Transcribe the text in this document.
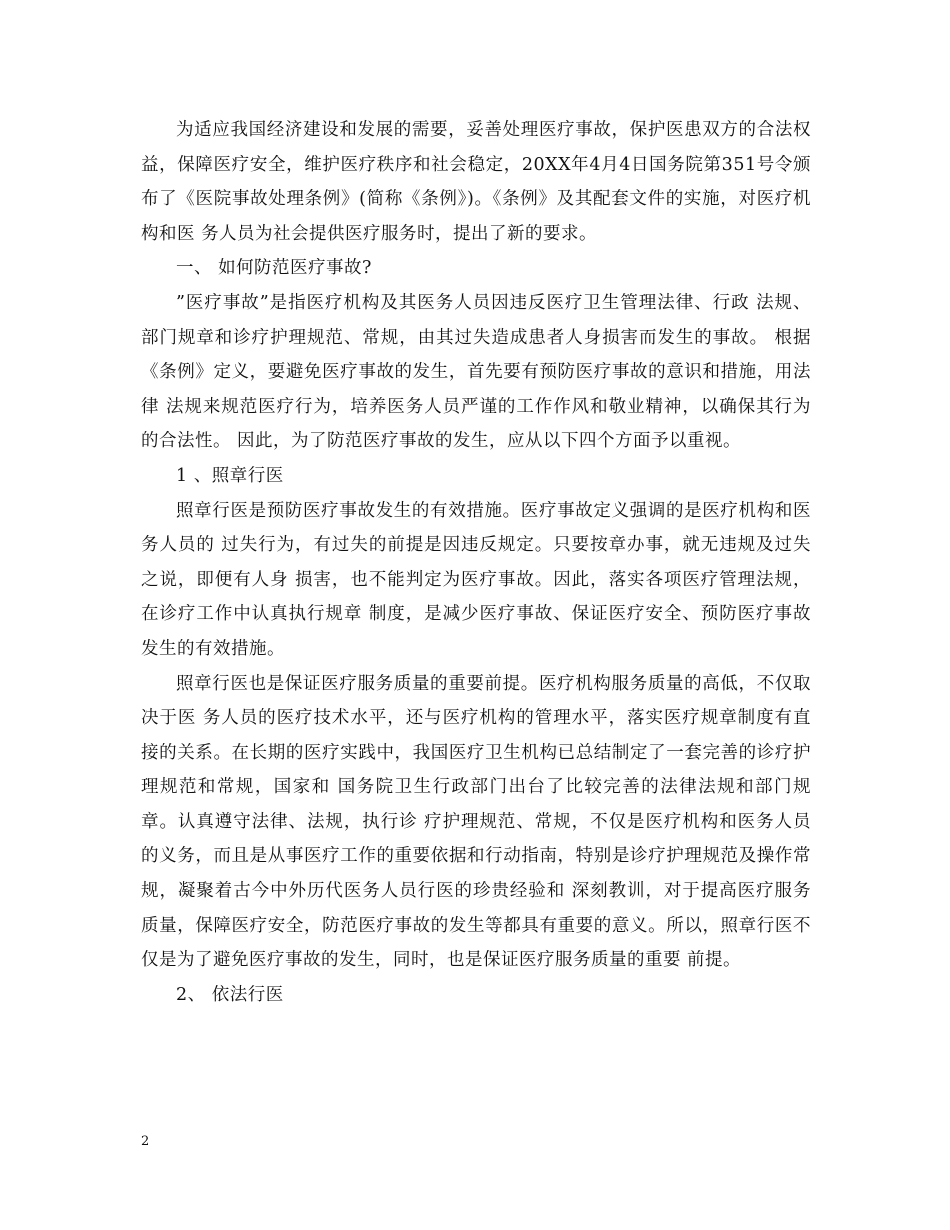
为适应我国经济建设和发展的需要，妥善处理医疗事故，保护医患双方的合法权益，保障医疗安全，维护医疗秩序和社会稳定，20XX年4月4日国务院第351号令颁布了《医院事故处理条例》(简称《条例》)。《条例》及其配套文件的实施，对医疗机 构和医 务人员为社会提供医疗服务时，提出了新的要求。

一、 如何防范医疗事故?

”医疗事故”是指医疗机构及其医务人员因违反医疗卫生管理法律、行政 法规、部门规章和诊疗护理规范、常规，由其过失造成患者人身损害而发生的事故。 根据《条例》定义，要避免医疗事故的发生，首先要有预防医疗事故的意识和措施，用法律 法规来规范医疗行为，培养医务人员严谨的工作作风和敬业精神，以确保其行为的合法性。 因此，为了防范医疗事故的发生，应从以下四个方面予以重视。

1 、照章行医

照章行医是预防医疗事故发生的有效措施。医疗事故定义强调的是医疗机构和医务人员的 过失行为，有过失的前提是因违反规定。只要按章办事，就无违规及过失之说，即便有人身 损害，也不能判定为医疗事故。因此，落实各项医疗管理法规，在诊疗工作中认真执行规章 制度，是减少医疗事故、保证医疗安全、预防医疗事故发生的有效措施。

照章行医也是保证医疗服务质量的重要前提。医疗机构服务质量的高低，不仅取决于医 务人员的医疗技术水平，还与医疗机构的管理水平，落实医疗规章制度有直接的关系。在长期的医疗实践中，我国医疗卫生机构已总结制定了一套完善的诊疗护理规范和常规，国家和 国务院卫生行政部门出台了比较完善的法律法规和部门规章。认真遵守法律、法规，执行诊 疗护理规范、常规，不仅是医疗机构和医务人员的义务，而且是从事医疗工作的重要依据和行动指南，特别是诊疗护理规范及操作常规，凝聚着古今中外历代医务人员行医的珍贵经验和 深刻教训，对于提高医疗服务质量，保障医疗安全，防范医疗事故的发生等都具有重要的意义。所以，照章行医不仅是为了避免医疗事故的发生，同时，也是保证医疗服务质量的重要 前提。

2、 依法行医

2
